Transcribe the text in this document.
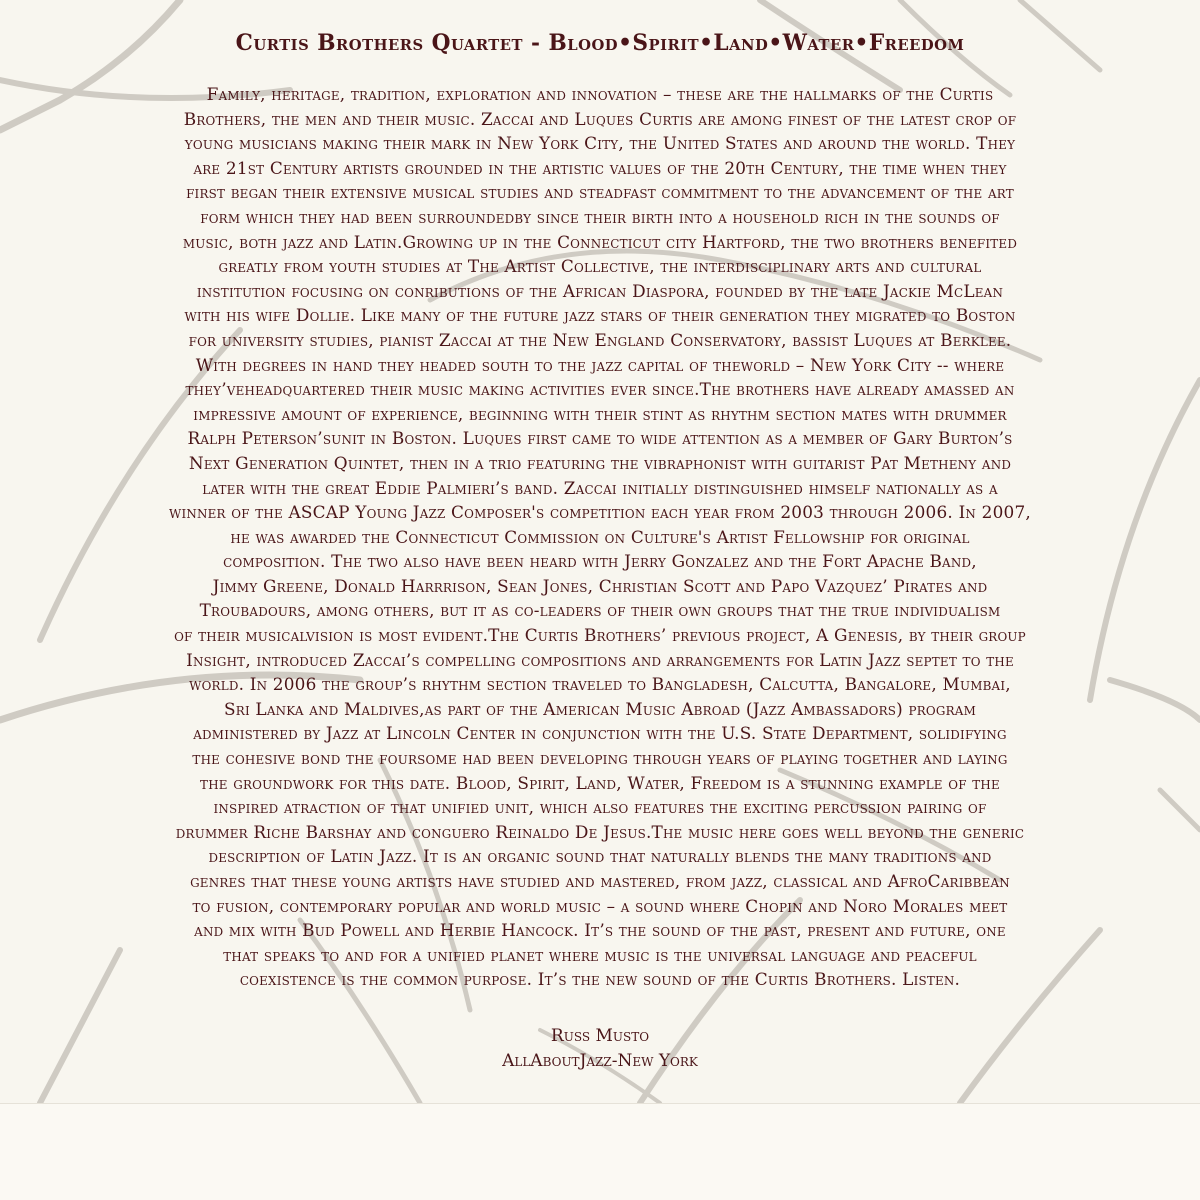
Curtis Brothers Quartet - Blood•Spirit•Land•Water•Freedom

Family, heritage, tradition, exploration and innovation – these are the hallmarks of the Curtis
Brothers, the men and their music. Zaccai and Luques Curtis are among finest of the latest crop of
young musicians making their mark in New York City, the United States and around the world. They
are 21st Century artists grounded in the artistic values of the 20th Century, the time when they
first began their extensive musical studies and steadfast commitment to the advancement of the art
form which they had been surroundedby since their birth into a household rich in the sounds of
music, both jazz and Latin.Growing up in the Connecticut city Hartford, the two brothers benefited
greatly from youth studies at The Artist Collective, the interdisciplinary arts and cultural
institution focusing on conributions of the African Diaspora, founded by the late Jackie McLean
with his wife Dollie. Like many of the future jazz stars of their generation they migrated to Boston
for university studies, pianist Zaccai at the New England Conservatory, bassist Luques at Berklee.
With degrees in hand they headed south to the jazz capital of theworld – New York City -- where
they’veheadquartered their music making activities ever since.The brothers have already amassed an
impressive amount of experience, beginning with their stint as rhythm section mates with drummer
Ralph Peterson’sunit in Boston. Luques first came to wide attention as a member of Gary Burton’s
Next Generation Quintet, then in a trio featuring the vibraphonist with guitarist Pat Metheny and
later with the great Eddie Palmieri’s band. Zaccai initially distinguished himself nationally as a
winner of the ASCAP Young Jazz Composer's competition each year from 2003 through 2006. In 2007,
he was awarded the Connecticut Commission on Culture's Artist Fellowship for original
composition. The two also have been heard with Jerry Gonzalez and the Fort Apache Band,
Jimmy Greene, Donald Harrrison, Sean Jones, Christian Scott and Papo Vazquez’ Pirates and
Troubadours, among others, but it as co-leaders of their own groups that the true individualism
of their musicalvision is most evident.The Curtis Brothers’ previous project, A Genesis, by their group
Insight, introduced Zaccai’s compelling compositions and arrangements for Latin Jazz septet to the
world. In 2006 the group’s rhythm section traveled to Bangladesh, Calcutta, Bangalore, Mumbai,
Sri Lanka and Maldives,as part of the American Music Abroad (Jazz Ambassadors) program
administered by Jazz at Lincoln Center in conjunction with the U.S. State Department, solidifying
the cohesive bond the foursome had been developing through years of playing together and laying
the groundwork for this date. Blood, Spirit, Land, Water, Freedom is a stunning example of the
inspired atraction of that unified unit, which also features the exciting percussion pairing of
drummer Riche Barshay and conguero Reinaldo De Jesus.The music here goes well beyond the generic
description of Latin Jazz. It is an organic sound that naturally blends the many traditions and
genres that these young artists have studied and mastered, from jazz, classical and AfroCaribbean
to fusion, contemporary popular and world music – a sound where Chopin and Noro Morales meet
and mix with Bud Powell and Herbie Hancock. It’s the sound of the past, present and future, one
that speaks to and for a unified planet where music is the universal language and peaceful
coexistence is the common purpose. It’s the new sound of the Curtis Brothers. Listen.

Russ Musto
AllAboutJazz-New York
